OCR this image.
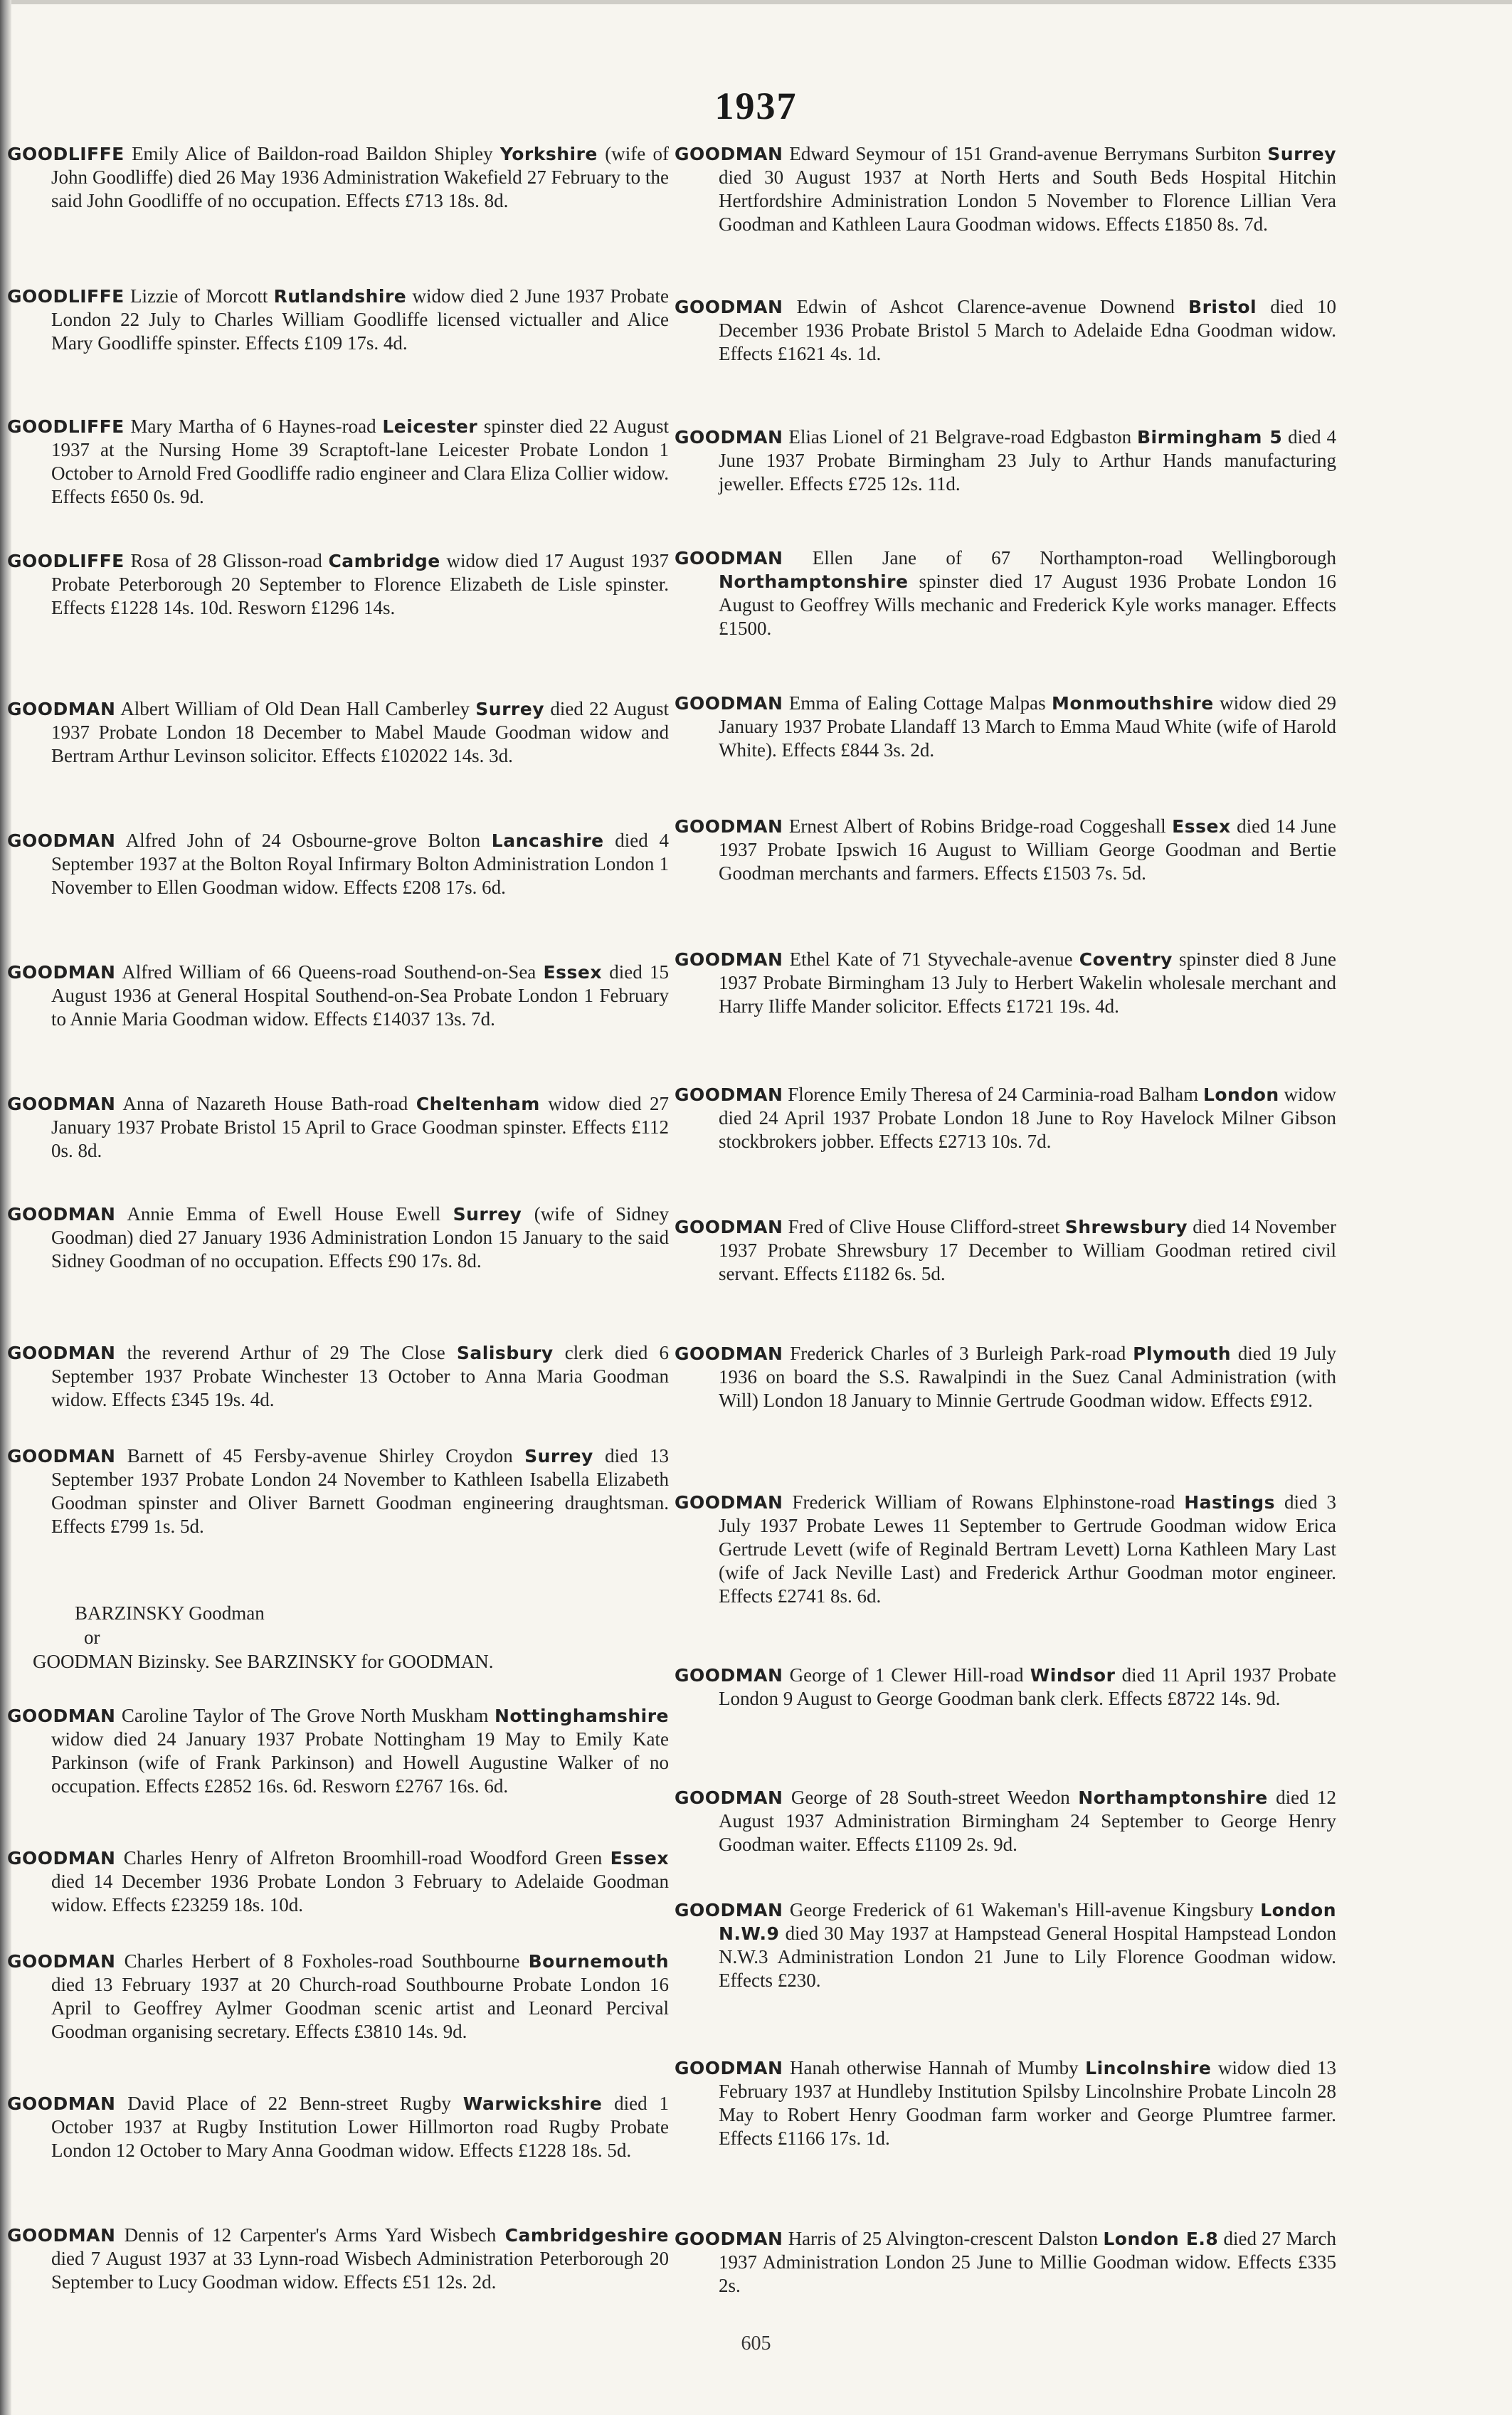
1937
GOODLIFFE Emily Alice of Baildon-road Baildon Shipley Yorkshire (wife of John Goodliffe) died 26 May 1936 Administration Wakefield 27 February to the said John Goodliffe of no occupation. Effects £713 18s. 8d.
GOODLIFFE Lizzie of Morcott Rutlandshire widow died 2 June 1937 Probate London 22 July to Charles William Goodliffe licensed victualler and Alice Mary Goodliffe spinster. Effects £109 17s. 4d.
GOODLIFFE Mary Martha of 6 Haynes-road Leicester spinster died 22 August 1937 at the Nursing Home 39 Scraptoft-lane Leicester Probate London 1 October to Arnold Fred Goodliffe radio engineer and Clara Eliza Collier widow. Effects £650 0s. 9d.
GOODLIFFE Rosa of 28 Glisson-road Cambridge widow died 17 August 1937 Probate Peterborough 20 September to Florence Elizabeth de Lisle spinster. Effects £1228 14s. 10d. Resworn £1296 14s.
GOODMAN Albert William of Old Dean Hall Camberley Surrey died 22 August 1937 Probate London 18 December to Mabel Maude Goodman widow and Bertram Arthur Levinson solicitor. Effects £102022 14s. 3d.
GOODMAN Alfred John of 24 Osbourne-grove Bolton Lancashire died 4 September 1937 at the Bolton Royal Infirmary Bolton Administration London 1 November to Ellen Goodman widow. Effects £208 17s. 6d.
GOODMAN Alfred William of 66 Queens-road Southend-on-Sea Essex died 15 August 1936 at General Hospital Southend-on-Sea Probate London 1 February to Annie Maria Goodman widow. Effects £14037 13s. 7d.
GOODMAN Anna of Nazareth House Bath-road Cheltenham widow died 27 January 1937 Probate Bristol 15 April to Grace Goodman spinster. Effects £112 0s. 8d.
GOODMAN Annie Emma of Ewell House Ewell Surrey (wife of Sidney Goodman) died 27 January 1936 Administration London 15 January to the said Sidney Goodman of no occupation. Effects £90 17s. 8d.
GOODMAN the reverend Arthur of 29 The Close Salisbury clerk died 6 September 1937 Probate Winchester 13 October to Anna Maria Goodman widow. Effects £345 19s. 4d.
GOODMAN Barnett of 45 Fersby-avenue Shirley Croydon Surrey died 13 September 1937 Probate London 24 November to Kathleen Isabella Elizabeth Goodman spinster and Oliver Barnett Goodman engineering draughtsman. Effects £799 1s. 5d.
GOODMAN Caroline Taylor of The Grove North Muskham Nottinghamshire widow died 24 January 1937 Probate Nottingham 19 May to Emily Kate Parkinson (wife of Frank Parkinson) and Howell Augustine Walker of no occupation. Effects £2852 16s. 6d. Resworn £2767 16s. 6d.
GOODMAN Charles Henry of Alfreton Broomhill-road Woodford Green Essex died 14 December 1936 Probate London 3 February to Adelaide Goodman widow. Effects £23259 18s. 10d.
GOODMAN Charles Herbert of 8 Foxholes-road Southbourne Bournemouth died 13 February 1937 at 20 Church-road Southbourne Probate London 16 April to Geoffrey Aylmer Goodman scenic artist and Leonard Percival Goodman organising secretary. Effects £3810 14s. 9d.
GOODMAN David Place of 22 Benn-street Rugby Warwickshire died 1 October 1937 at Rugby Institution Lower Hillmorton road Rugby Probate London 12 October to Mary Anna Goodman widow. Effects £1228 18s. 5d.
GOODMAN Dennis of 12 Carpenter's Arms Yard Wisbech Cambridgeshire died 7 August 1937 at 33 Lynn-road Wisbech Administration Peterborough 20 September to Lucy Goodman widow. Effects £51 12s. 2d.
BARZINSKY Goodman
or
GOODMAN Bizinsky. See BARZINSKY for GOODMAN.
GOODMAN Edward Seymour of 151 Grand-avenue Berrymans Surbiton Surrey died 30 August 1937 at North Herts and South Beds Hospital Hitchin Hertfordshire Administration London 5 November to Florence Lillian Vera Goodman and Kathleen Laura Goodman widows. Effects £1850 8s. 7d.
GOODMAN Edwin of Ashcot Clarence-avenue Downend Bristol died 10 December 1936 Probate Bristol 5 March to Adelaide Edna Goodman widow. Effects £1621 4s. 1d.
GOODMAN Elias Lionel of 21 Belgrave-road Edgbaston Birmingham 5 died 4 June 1937 Probate Birmingham 23 July to Arthur Hands manufacturing jeweller. Effects £725 12s. 11d.
GOODMAN Ellen Jane of 67 Northampton-road Wellingborough Northamptonshire spinster died 17 August 1936 Probate London 16 August to Geoffrey Wills mechanic and Frederick Kyle works manager. Effects £1500.
GOODMAN Emma of Ealing Cottage Malpas Monmouthshire widow died 29 January 1937 Probate Llandaff 13 March to Emma Maud White (wife of Harold White). Effects £844 3s. 2d.
GOODMAN Ernest Albert of Robins Bridge-road Coggeshall Essex died 14 June 1937 Probate Ipswich 16 August to William George Goodman and Bertie Goodman merchants and farmers. Effects £1503 7s. 5d.
GOODMAN Ethel Kate of 71 Styvechale-avenue Coventry spinster died 8 June 1937 Probate Birmingham 13 July to Herbert Wakelin wholesale merchant and Harry Iliffe Mander solicitor. Effects £1721 19s. 4d.
GOODMAN Florence Emily Theresa of 24 Carminia-road Balham London widow died 24 April 1937 Probate London 18 June to Roy Havelock Milner Gibson stockbrokers jobber. Effects £2713 10s. 7d.
GOODMAN Fred of Clive House Clifford-street Shrewsbury died 14 November 1937 Probate Shrewsbury 17 December to William Goodman retired civil servant. Effects £1182 6s. 5d.
GOODMAN Frederick Charles of 3 Burleigh Park-road Plymouth died 19 July 1936 on board the S.S. Rawalpindi in the Suez Canal Administration (with Will) London 18 January to Minnie Gertrude Goodman widow. Effects £912.
GOODMAN Frederick William of Rowans Elphinstone-road Hastings died 3 July 1937 Probate Lewes 11 September to Gertrude Goodman widow Erica Gertrude Levett (wife of Reginald Bertram Levett) Lorna Kathleen Mary Last (wife of Jack Neville Last) and Frederick Arthur Goodman motor engineer. Effects £2741 8s. 6d.
GOODMAN George of 1 Clewer Hill-road Windsor died 11 April 1937 Probate London 9 August to George Goodman bank clerk. Effects £8722 14s. 9d.
GOODMAN George of 28 South-street Weedon Northamptonshire died 12 August 1937 Administration Birmingham 24 September to George Henry Goodman waiter. Effects £1109 2s. 9d.
GOODMAN George Frederick of 61 Wakeman's Hill-avenue Kingsbury London N.W.9 died 30 May 1937 at Hampstead General Hospital Hampstead London N.W.3 Administration London 21 June to Lily Florence Goodman widow. Effects £230.
GOODMAN Hanah otherwise Hannah of Mumby Lincolnshire widow died 13 February 1937 at Hundleby Institution Spilsby Lincolnshire Probate Lincoln 28 May to Robert Henry Goodman farm worker and George Plumtree farmer. Effects £1166 17s. 1d.
GOODMAN Harris of 25 Alvington-crescent Dalston London E.8 died 27 March 1937 Administration London 25 June to Millie Goodman widow. Effects £335 2s.
605
